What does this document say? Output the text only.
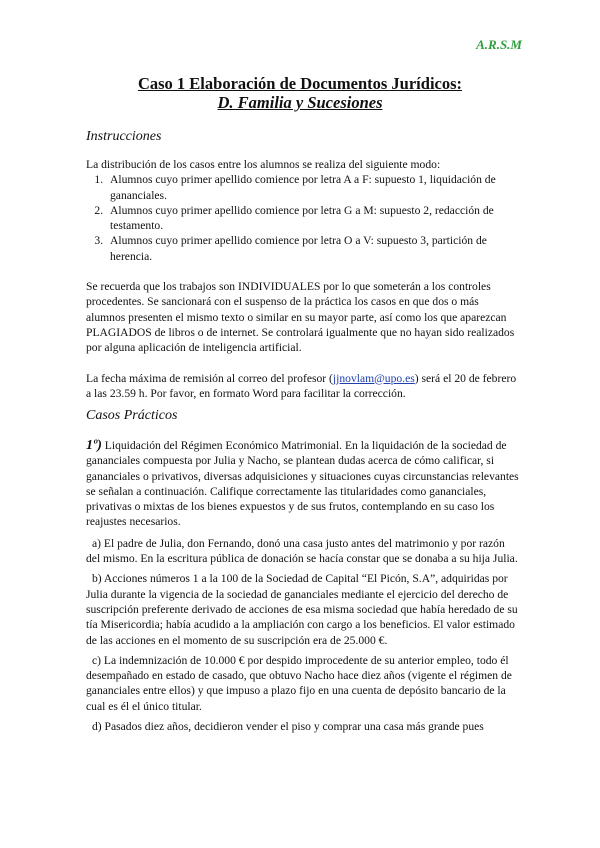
A.R.S.M
Caso 1 Elaboración de Documentos Jurídicos:
D. Familia y Sucesiones
Instrucciones

La distribución de los casos entre los alumnos se realiza del siguiente modo:

1. Alumnos cuyo primer apellido comience por letra A a F: supuesto 1, liquidación de gananciales.
2. Alumnos cuyo primer apellido comience por letra G a M: supuesto 2, redacción de testamento.
3. Alumnos cuyo primer apellido comience por letra O a V: supuesto 3, partición de herencia.

Se recuerda que los trabajos son INDIVIDUALES por lo que someterán a los controles procedentes. Se sancionará con el suspenso de la práctica los casos en que dos o más alumnos presenten el mismo texto o similar en su mayor parte, así como los que aparezcan PLAGIADOS de libros o de internet. Se controlará igualmente que no hayan sido realizados por alguna aplicación de inteligencia artificial.

La fecha máxima de remisión al correo del profesor (jjnovlam@upo.es) será el 20 de febrero a las 23.59 h. Por favor, en formato Word para facilitar la corrección.

Casos Prácticos

1º) Liquidación del Régimen Económico Matrimonial. En la liquidación de la sociedad de gananciales compuesta por Julia y Nacho, se plantean dudas acerca de cómo calificar, si gananciales o privativos, diversas adquisiciones y situaciones cuyas circunstancias relevantes se señalan a continuación. Califique correctamente las titularidades como gananciales, privativas o mixtas de los bienes expuestos y de sus frutos, contemplando en su caso los reajustes necesarios.

a) El padre de Julia, don Fernando, donó una casa justo antes del matrimonio y por razón del mismo. En la escritura pública de donación se hacía constar que se donaba a su hija Julia.

b) Acciones números 1 a la 100 de la Sociedad de Capital “El Picón, S.A”, adquiridas por Julia durante la vigencia de la sociedad de gananciales mediante el ejercicio del derecho de suscripción preferente derivado de acciones de esa misma sociedad que había heredado de su tía Misericordia; había acudido a la ampliación con cargo a los beneficios. El valor estimado de las acciones en el momento de su suscripción era de 25.000 €.

c) La indemnización de 10.000 € por despido improcedente de su anterior empleo, todo él desempañado en estado de casado, que obtuvo Nacho hace diez años (vigente el régimen de gananciales entre ellos) y que impuso a plazo fijo en una cuenta de depósito bancario de la cual es él el único titular.

d) Pasados diez años, decidieron vender el piso y comprar una casa más grande pues
